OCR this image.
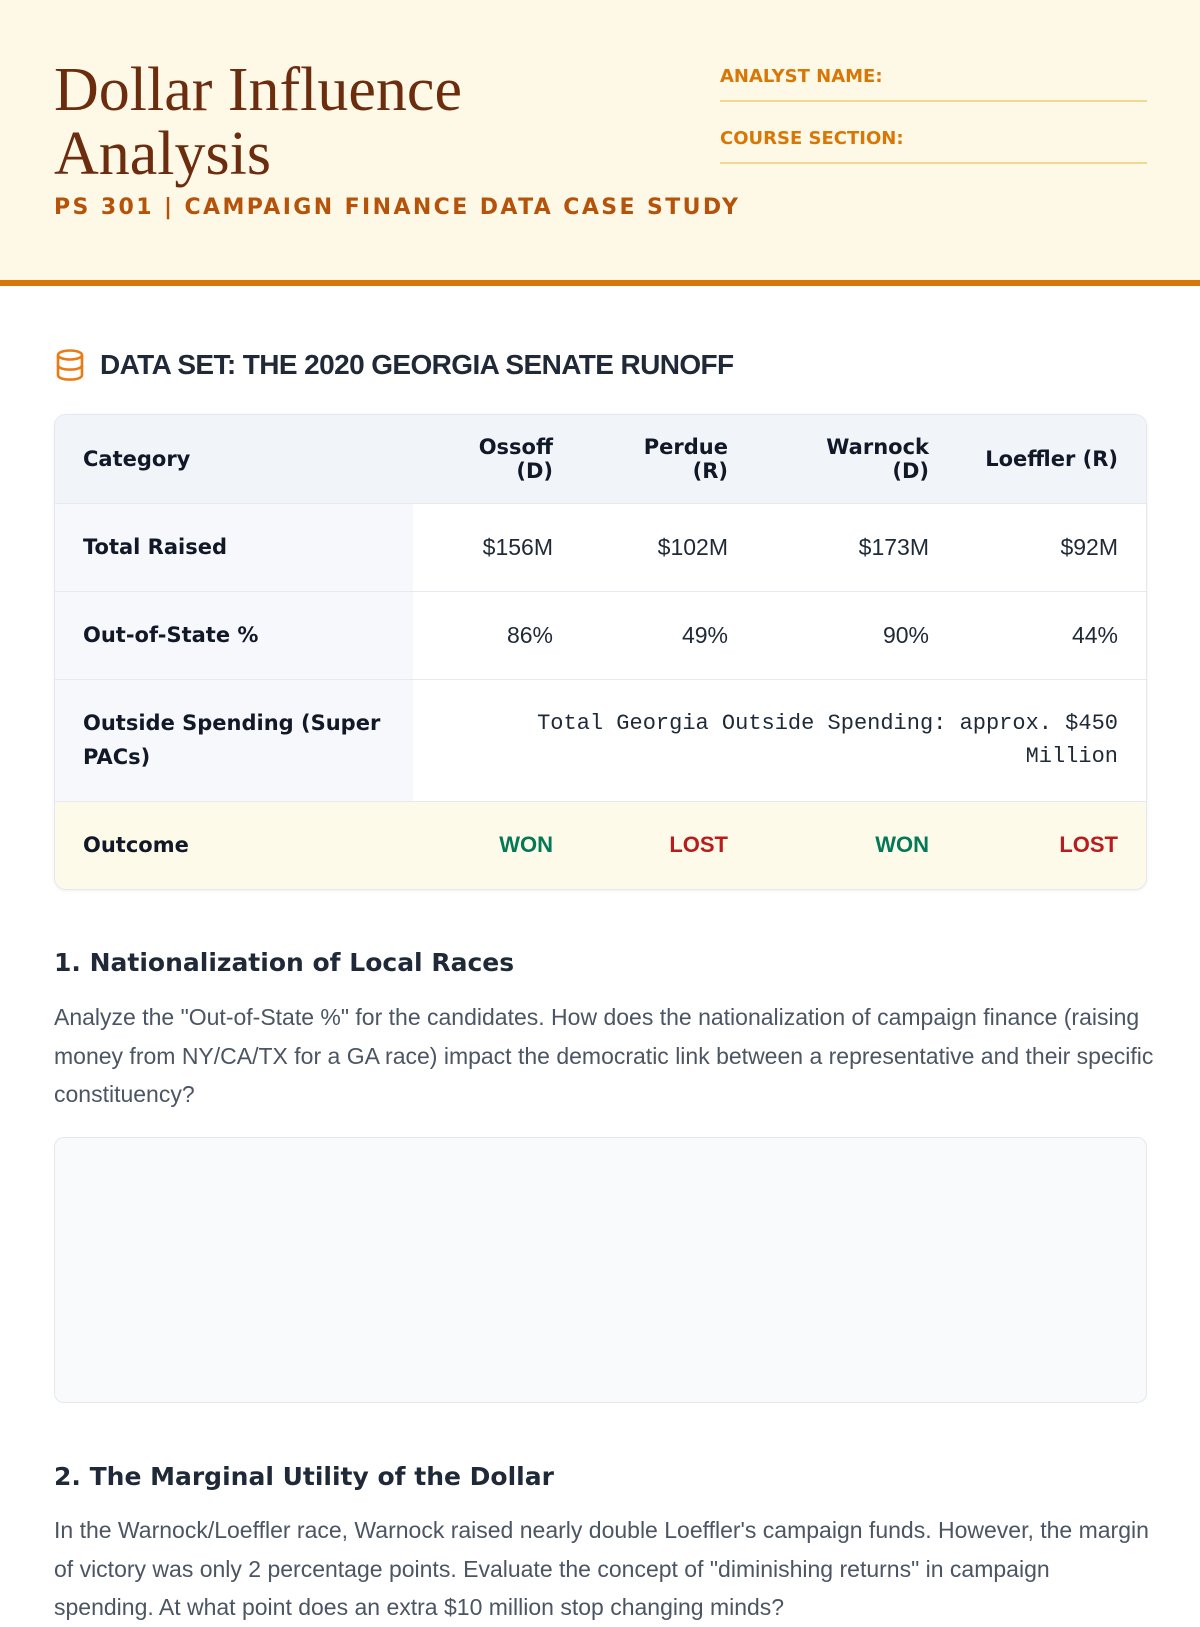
Dollar Influence Analysis
PS 301 | CAMPAIGN FINANCE DATA CASE STUDY
ANALYST NAME:
COURSE SECTION:
DATA SET: THE 2020 GEORGIA SENATE RUNOFF
Category	Ossoff (D)	Perdue (R)	Warnock (D)	Loeffler (R)
Total Raised	$156M	$102M	$173M	$92M
Out-of-State %	86%	49%	90%	44%
Outside Spending (Super PACs)	Total Georgia Outside Spending: approx. $450 Million			
Outcome	WON	LOST	WON	LOST
1. Nationalization of Local Races
Analyze the "Out-of-State %" for the candidates. How does the nationalization of campaign finance (raising money from NY/CA/TX for a GA race) impact the democratic link between a representative and their specific constituency?
2. The Marginal Utility of the Dollar
In the Warnock/Loeffler race, Warnock raised nearly double Loeffler's campaign funds. However, the margin of victory was only 2 percentage points. Evaluate the concept of "diminishing returns" in campaign spending. At what point does an extra $10 million stop changing minds?
